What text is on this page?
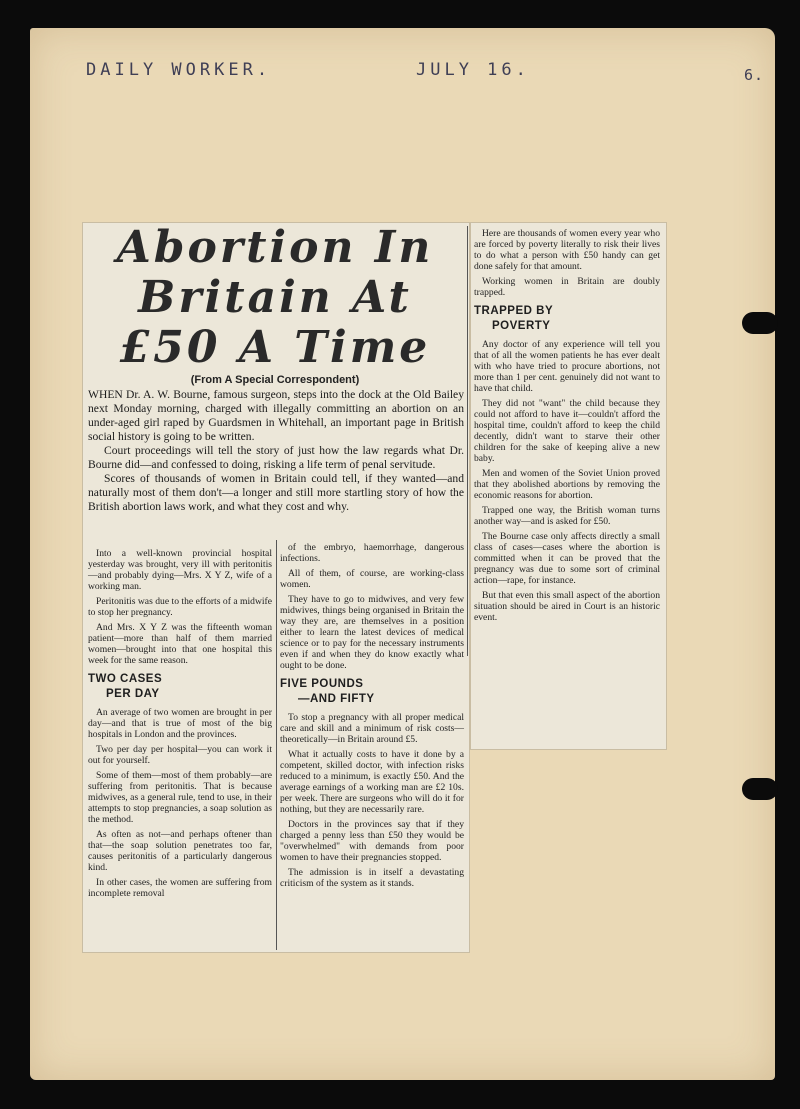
DAILY WORKER.	JULY 16.	6.
Abortion In
Britain At
£50 A Time
(From A Special Correspondent)

WHEN Dr. A. W. Bourne, famous surgeon, steps into the dock at the Old Bailey next Monday morning, charged with illegally committing an abortion on an under-aged girl raped by Guardsmen in Whitehall, an important page in British social history is going to be written.

Court proceedings will tell the story of just how the law regards what Dr. Bourne did—and confessed to doing, risking a life term of penal servitude.

Scores of thousands of women in Britain could tell, if they wanted—and naturally most of them don't—a longer and still more startling story of how the British abortion laws work, and what they cost and why.

Into a well-known provincial hospital yesterday was brought, very ill with peritonitis—and probably dying—Mrs. X Y Z, wife of a working man.

Peritonitis was due to the efforts of a midwife to stop her pregnancy.

And Mrs. X Y Z was the fifteenth woman patient—more than half of them married women—brought into that one hospital this week for the same reason.

TWO CASES
PER DAY

An average of two women are brought in per day—and that is true of most of the big hospitals in London and the provinces.

Two per day per hospital—you can work it out for yourself.

Some of them—most of them probably—are suffering from peritonitis. That is because midwives, as a general rule, tend to use, in their attempts to stop pregnancies, a soap solution as the method.

As often as not—and perhaps oftener than that—the soap solution penetrates too far, causes peritonitis of a particularly dangerous kind.

In other cases, the women are suffering from incomplete removal

of the embryo, haemorrhage, dangerous infections.

All of them, of course, are working-class women.

They have to go to midwives, and very few midwives, things being organised in Britain the way they are, are themselves in a position either to learn the latest devices of medical science or to pay for the necessary instruments even if and when they do know exactly what ought to be done.

FIVE POUNDS
—AND FIFTY

To stop a pregnancy with all proper medical care and skill and a minimum of risk costs—theoretically—in Britain around £5.

What it actually costs to have it done by a competent, skilled doctor, with infection risks reduced to a minimum, is exactly £50. And the average earnings of a working man are £2 10s. per week. There are surgeons who will do it for nothing, but they are necessarily rare.

Doctors in the provinces say that if they charged a penny less than £50 they would be "overwhelmed" with demands from poor women to have their pregnancies stopped.

The admission is in itself a devastating criticism of the system as it stands.

Here are thousands of women every year who are forced by poverty literally to risk their lives to do what a person with £50 handy can get done safely for that amount.

Working women in Britain are doubly trapped.

TRAPPED BY
POVERTY

Any doctor of any experience will tell you that of all the women patients he has ever dealt with who have tried to procure abortions, not more than 1 per cent. genuinely did not want to have that child.

They did not "want" the child because they could not afford to have it—couldn't afford the hospital time, couldn't afford to keep the child decently, didn't want to starve their other children for the sake of keeping alive a new baby.

Men and women of the Soviet Union proved that they abolished abortions by removing the economic reasons for abortion.

Trapped one way, the British woman turns another way—and is asked for £50.

The Bourne case only affects directly a small class of cases—cases where the abortion is committed when it can be proved that the pregnancy was due to some sort of criminal action—rape, for instance.

But that even this small aspect of the abortion situation should be aired in Court is an historic event.
